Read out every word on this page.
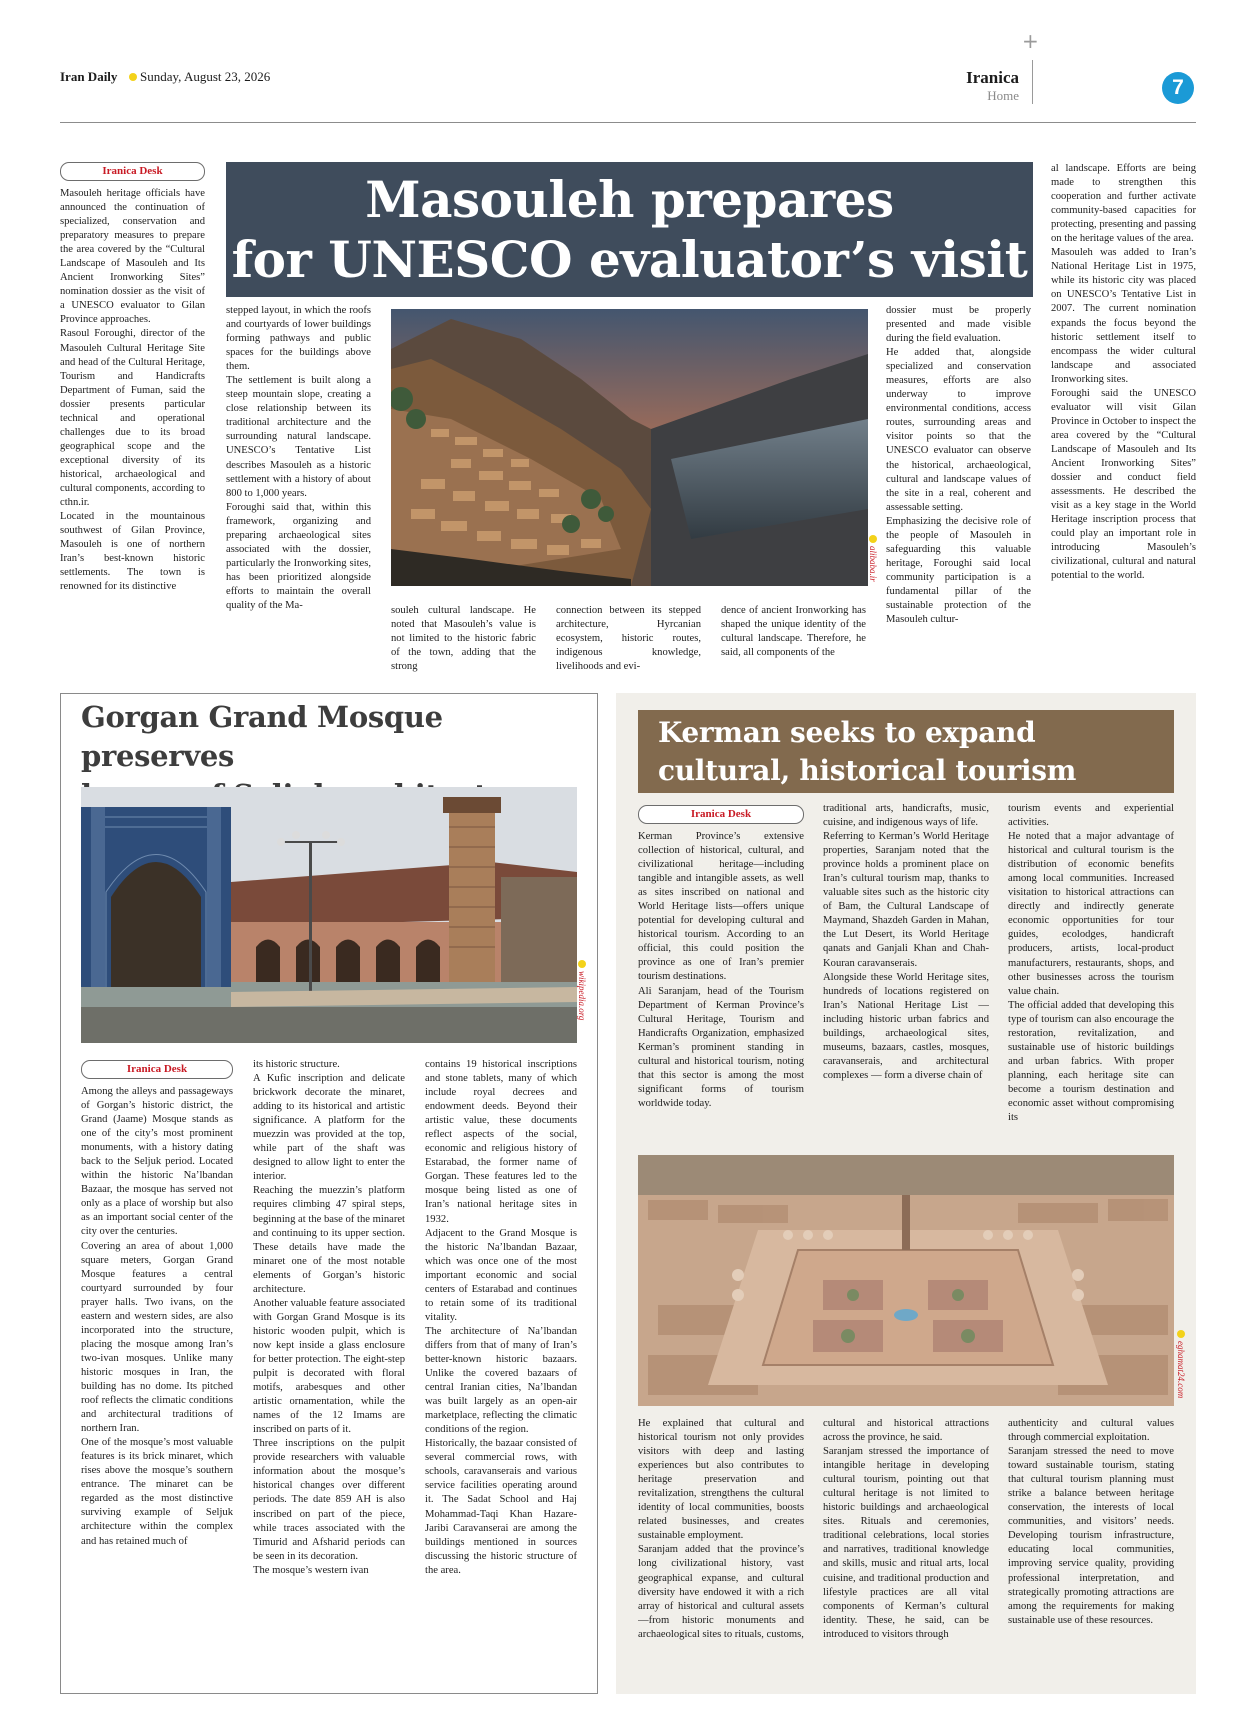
Iran Daily Sunday, August 23, 2026
+
Iranica
Home	7
Iranica Desk	Masouleh prepares
for UNESCO evaluator’s visit
alibaba.ir

Masouleh heritage officials have announced the continuation of specialized, conservation and preparatory measures to prepare the area covered by the “Cultural Landscape of Masouleh and Its Ancient Ironworking Sites” nomination dossier as the visit of a UNESCO evaluator to Gilan Province approaches.

Rasoul Foroughi, director of the Masouleh Cultural Heritage Site and head of the Cultural Heritage, Tourism and Handicrafts Department of Fuman, said the dossier presents particular technical and operational challenges due to its broad geographical scope and the exceptional diversity of its historical, archaeological and cultural components, according to cthn.ir.

Located in the mountainous southwest of Gilan Province, Masouleh is one of northern Iran’s best-known historic settlements. The town is renowned for its distinctive

stepped layout, in which the roofs and courtyards of lower buildings forming pathways and public spaces for the buildings above them.

The settlement is built along a steep mountain slope, creating a close relationship between its traditional architecture and the surrounding natural landscape. UNESCO’s Tentative List describes Masouleh as a historic settlement with a history of about 800 to 1,000 years.

Foroughi said that, within this framework, organizing and preparing archaeological sites associated with the dossier, particularly the Ironworking sites, has been prioritized alongside efforts to maintain the overall quality of the Ma-	souleh cultural landscape. He noted that Masouleh’s value is not limited to the historic fabric of the town, adding that the strong

connection between its stepped architecture, Hyrcanian ecosystem, historic routes, indigenous knowledge, livelihoods and evi-

dence of ancient Ironworking has shaped the unique identity of the cultural landscape. Therefore, he said, all components of the

dossier must be properly presented and made visible during the field evaluation.

He added that, alongside specialized and conservation measures, efforts are also underway to improve environmental conditions, access routes, surrounding areas and visitor points so that the UNESCO evaluator can observe the historical, archaeological, cultural and landscape values of the site in a real, coherent and assessable setting.

Emphasizing the decisive role of the people of Masouleh in safeguarding this valuable heritage, Foroughi said local community participation is a fundamental pillar of the sustainable protection of the Masouleh cultur-

al landscape. Efforts are being made to strengthen this cooperation and further activate community-based capacities for protecting, presenting and passing on the heritage values of the area.

Masouleh was added to Iran’s National Heritage List in 1975, while its historic city was placed on UNESCO’s Tentative List in 2007. The current nomination expands the focus beyond the historic settlement itself to encompass the wider cultural landscape and associated Ironworking sites.

Foroughi said the UNESCO evaluator will visit Gilan Province in October to inspect the area covered by the “Cultural Landscape of Masouleh and Its Ancient Ironworking Sites” dossier and conduct field assessments. He described the visit as a key stage in the World Heritage inscription process that could play an important role in introducing Masouleh’s civilizational, cultural and natural potential to the world.

Gorgan Grand Mosque preserves
wikipedia.org
Iranica Desk

Among the alleys and passageways of Gorgan’s historic district, the Grand (Jaame) Mosque stands as one of the city’s most prominent monuments, with a history dating back to the Seljuk period. Located within the historic Na’lbandan Bazaar, the mosque has served not only as a place of worship but also as an important social center of the city over the centuries.

Covering an area of about 1,000 square meters, Gorgan Grand Mosque features a central courtyard surrounded by four prayer halls. Two ivans, on the eastern and western sides, are also incorporated into the structure, placing the mosque among Iran’s two-ivan mosques. Unlike many historic mosques in Iran, the building has no dome. Its pitched roof reflects the climatic conditions and architectural traditions of northern Iran.

One of the mosque’s most valuable features is its brick minaret, which rises above the mosque’s southern entrance. The minaret can be regarded as the most distinctive surviving example of Seljuk architecture within the complex and has retained much of

its historic structure.

A Kufic inscription and delicate brickwork decorate the minaret, adding to its historical and artistic significance. A platform for the muezzin was provided at the top, while part of the shaft was designed to allow light to enter the interior.

Reaching the muezzin’s platform requires climbing 47 spiral steps, beginning at the base of the minaret and continuing to its upper section. These details have made the minaret one of the most notable elements of Gorgan’s historic architecture.

Another valuable feature associated with Gorgan Grand Mosque is its historic wooden pulpit, which is now kept inside a glass enclosure for better protection. The eight-step pulpit is decorated with floral motifs, arabesques and other artistic ornamentation, while the names of the 12 Imams are inscribed on parts of it.

Three inscriptions on the pulpit provide researchers with valuable information about the mosque’s historical changes over different periods. The date 859 AH is also inscribed on part of the piece, while traces associated with the Timurid and Afsharid periods can be seen in its decoration.

The mosque’s western ivan

contains 19 historical inscriptions and stone tablets, many of which include royal decrees and endowment deeds. Beyond their artistic value, these documents reflect aspects of the social, economic and religious history of Estarabad, the former name of Gorgan. These features led to the mosque being listed as one of Iran’s national heritage sites in 1932.

Adjacent to the Grand Mosque is the historic Na’lbandan Bazaar, which was once one of the most important economic and social centers of Estarabad and continues to retain some of its traditional vitality.

The architecture of Na’lbandan differs from that of many of Iran’s better-known historic bazaars. Unlike the covered bazaars of central Iranian cities, Na’lbandan was built largely as an open-air marketplace, reflecting the climatic conditions of the region.

Historically, the bazaar consisted of several commercial rows, with schools, caravanserais and various service facilities operating around it. The Sadat School and Haj Mohammad-Taqi Khan Hazare-Jaribi Caravanserai are among the buildings mentioned in sources discussing the historic structure of the area.

Kerman seeks to expand
cultural, historical tourism
Iranica Desk

Kerman Province’s extensive collection of historical, cultural, and civilizational heritage—including tangible and intangible assets, as well as sites inscribed on national and World Heritage lists—offers unique potential for developing cultural and historical tourism. According to an official, this could position the province as one of Iran’s premier tourism destinations.

Ali Saranjam, head of the Tourism Department of Kerman Province’s Cultural Heritage, Tourism and Handicrafts Organization, emphasized Kerman’s prominent standing in cultural and historical tourism, noting that this sector is among the most significant forms of tourism worldwide today.

traditional arts, handicrafts, music, cuisine, and indigenous ways of life.

Referring to Kerman’s World Heritage properties, Saranjam noted that the province holds a prominent place on Iran’s cultural tourism map, thanks to valuable sites such as the historic city of Bam, the Cultural Landscape of Maymand, Shazdeh Garden in Mahan, the Lut Desert, its World Heritage qanats and Ganjali Khan and Chah-Kouran caravanserais.

Alongside these World Heritage sites, hundreds of locations registered on Iran’s National Heritage List — including historic urban fabrics and buildings, archaeological sites, museums, bazaars, castles, mosques, caravanserais, and architectural complexes — form a diverse chain of

tourism events and experiential activities.

He noted that a major advantage of historical and cultural tourism is the distribution of economic benefits among local communities. Increased visitation to historical attractions can directly and indirectly generate economic opportunities for tour guides, ecolodges, handicraft producers, artists, local-product manufacturers, restaurants, shops, and other businesses across the tourism value chain.

The official added that developing this type of tourism can also encourage the restoration, revitalization, and sustainable use of historic buildings and urban fabrics. With proper planning, each heritage site can become a tourism destination and economic asset without compromising its

eghamat24.com

He explained that cultural and historical tourism not only provides visitors with deep and lasting experiences but also contributes to heritage preservation and revitalization, strengthens the cultural identity of local communities, boosts related businesses, and creates sustainable employment.

Saranjam added that the province’s long civilizational history, vast geographical expanse, and cultural diversity have endowed it with a rich array of historical and cultural assets—from historic monuments and archaeological sites to rituals, customs,

cultural and historical attractions across the province, he said.

Saranjam stressed the importance of intangible heritage in developing cultural tourism, pointing out that cultural heritage is not limited to historic buildings and archaeological sites. Rituals and ceremonies, traditional celebrations, local stories and narratives, traditional knowledge and skills, music and ritual arts, local cuisine, and traditional production and lifestyle practices are all vital components of Kerman’s cultural identity. These, he said, can be introduced to visitors through

authenticity and cultural values through commercial exploitation.

Saranjam stressed the need to move toward sustainable tourism, stating that cultural tourism planning must strike a balance between heritage conservation, the interests of local communities, and visitors’ needs. Developing tourism infrastructure, educating local communities, improving service quality, providing professional interpretation, and strategically promoting attractions are among the requirements for making sustainable use of these resources.
